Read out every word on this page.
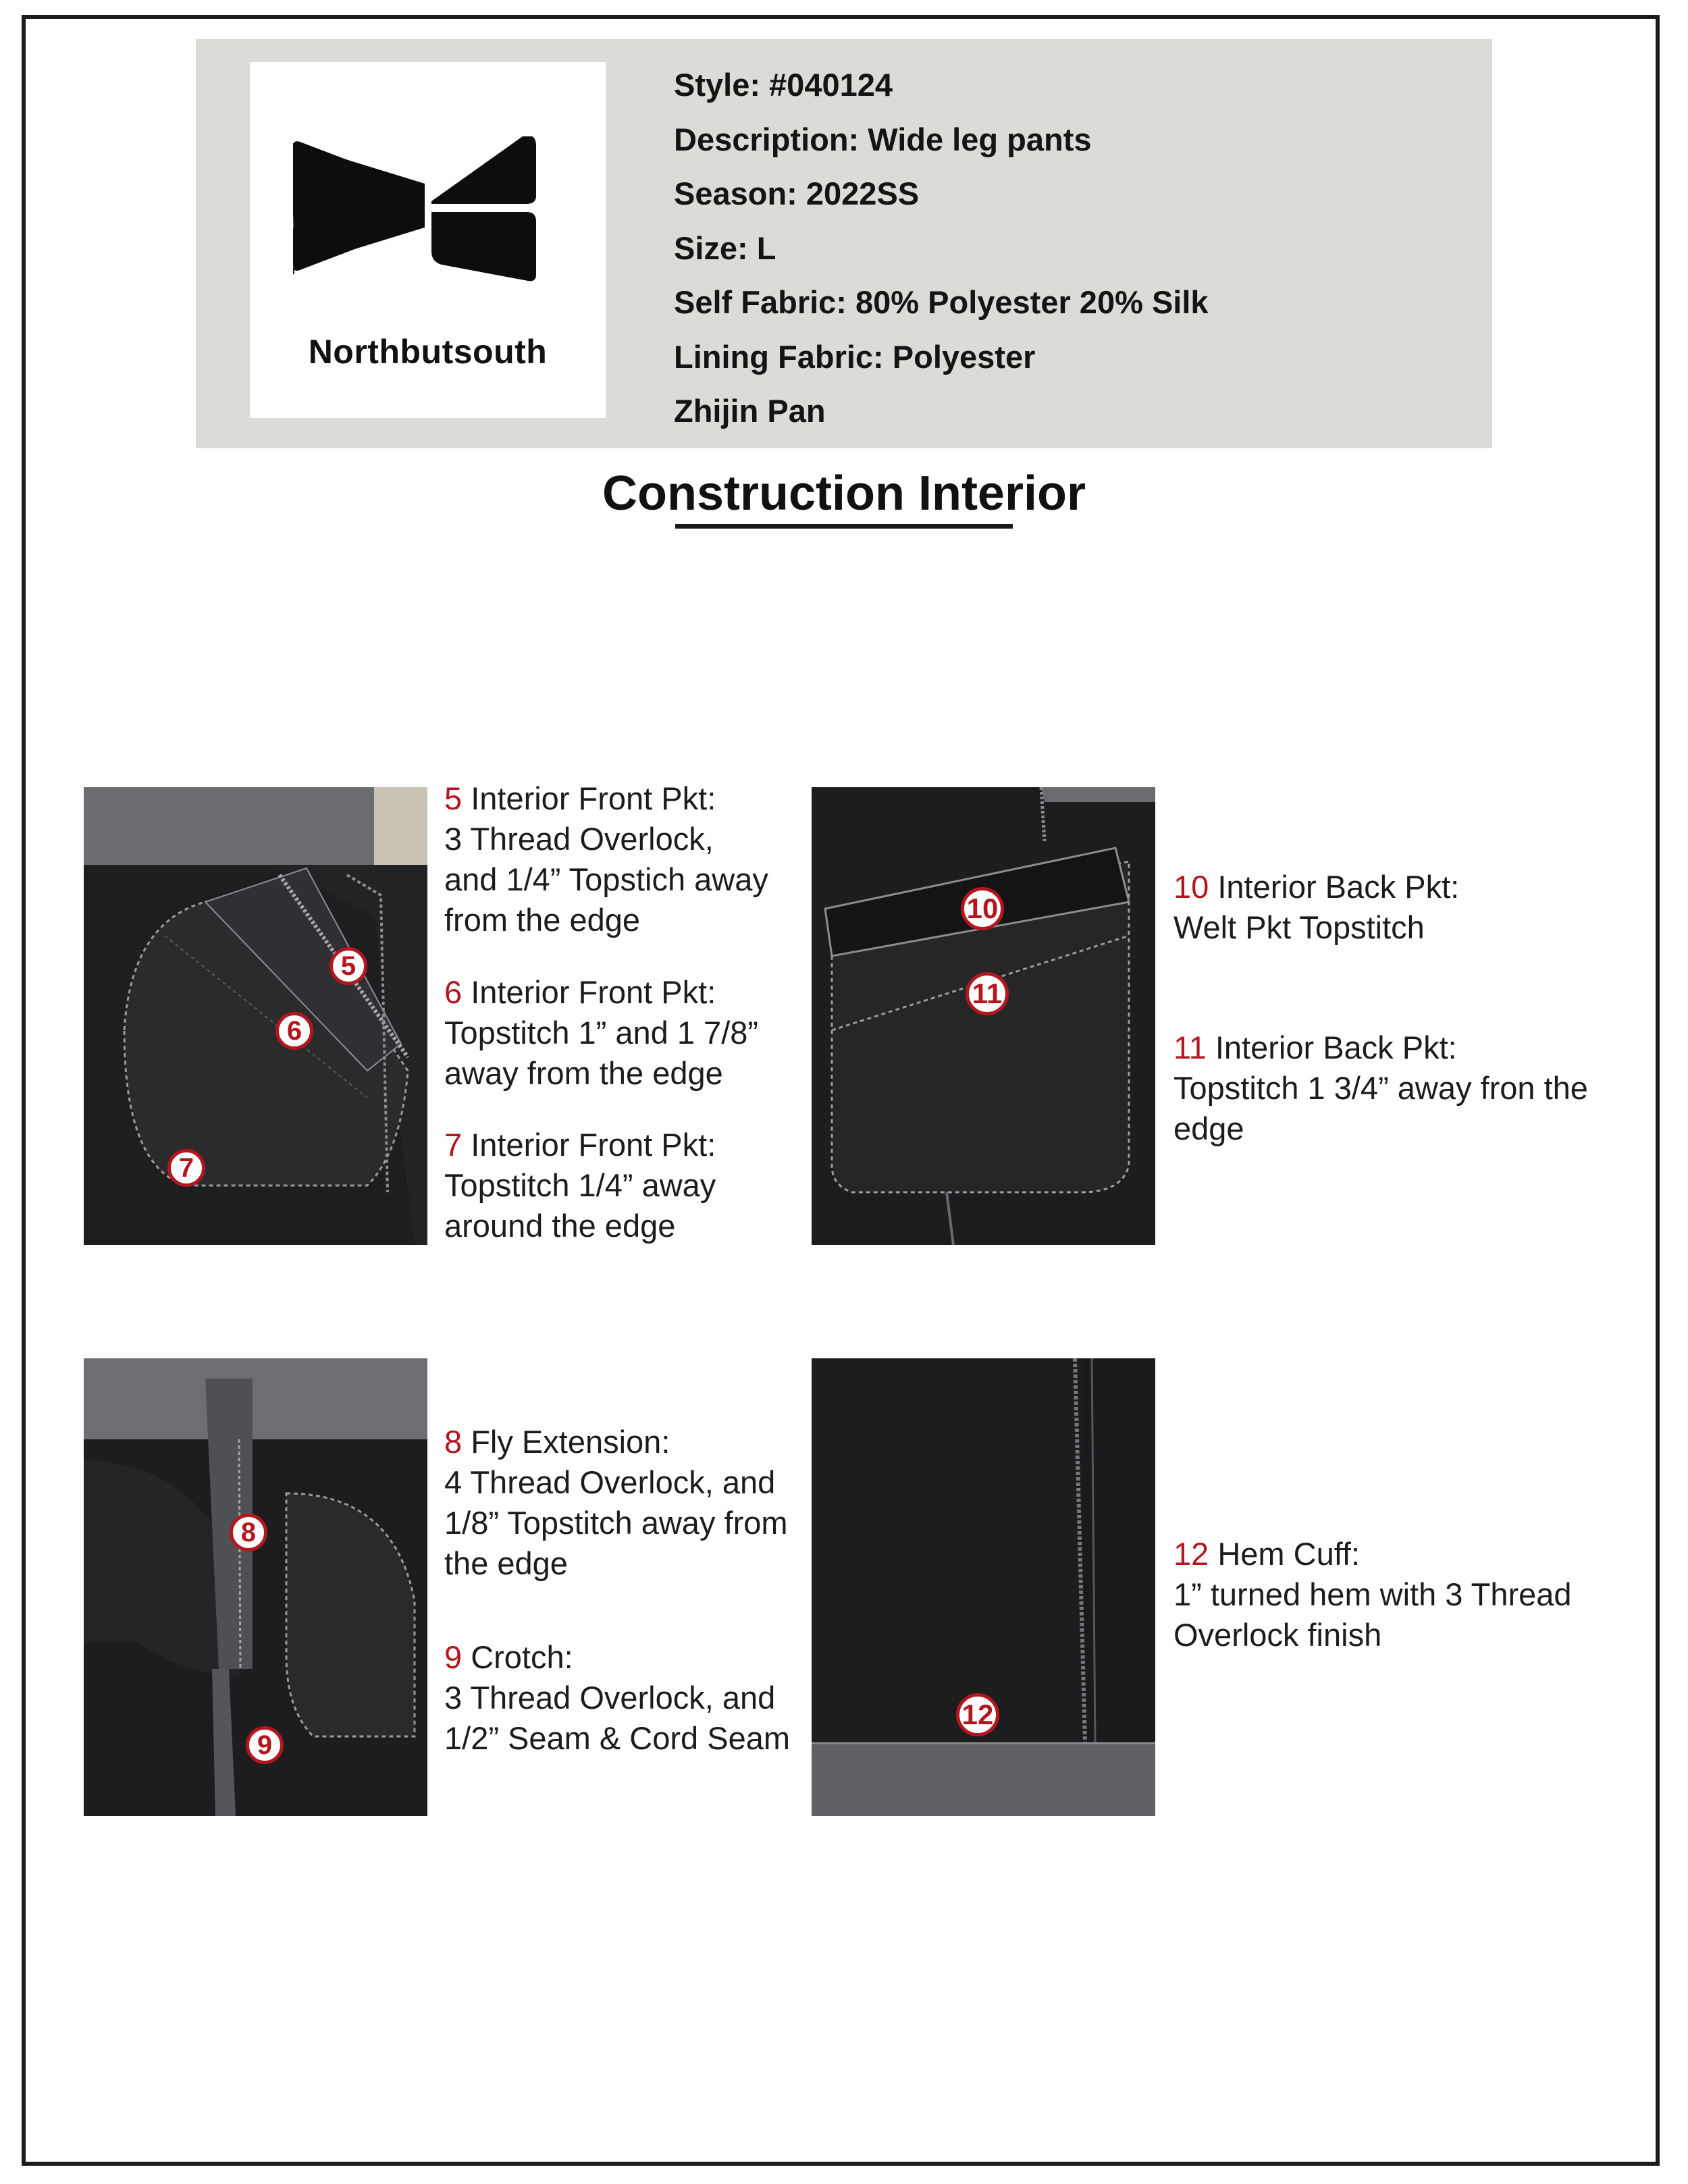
Northbutsouth
Style: #040124
Description: Wide leg pants
Season: 2022SS
Size: L
Self Fabric: 80% Polyester 20% Silk
Lining Fabric: Polyester
Zhijin Pan
Construction Interior
5
6
7
10
11
8
9
12
5 Interior Front Pkt:
3 Thread Overlock,
and 1/4” Topstich away
from the edge
6 Interior Front Pkt:
Topstitch 1” and 1 7/8”
away from the edge
7 Interior Front Pkt:
Topstitch 1/4” away
around the edge
10 Interior Back Pkt:
Welt Pkt Topstitch
11 Interior Back Pkt:
Topstitch 1 3/4” away fron the
edge
8 Fly Extension:
4 Thread Overlock, and
1/8” Topstitch away from
the edge
9 Crotch:
3 Thread Overlock, and
1/2” Seam & Cord Seam
12 Hem Cuff:
1” turned hem with 3 Thread
Overlock finish
